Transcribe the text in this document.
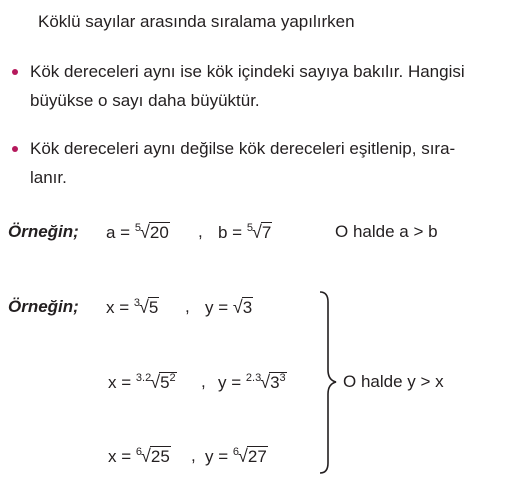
Köklü sayılar arasında sıralama yapılırken
Kök dereceleri aynı ise kök içindeki sayıya bakılır. Hangisi
büyükse o sayı daha büyüktür.
Kök dereceleri aynı değilse kök dereceleri eşitlenip, sıra-
lanır.
Örneğin; a = $^5$√20 , b = $^5$√7	O halde a > b
Örneğin; x = $^3$√5 , y = √3
$x = ^{3.2}√5^2$ , $y = ^{2.3}√3^3$
x = $^6$√25 , y = $^6$√27
O halde y > x
